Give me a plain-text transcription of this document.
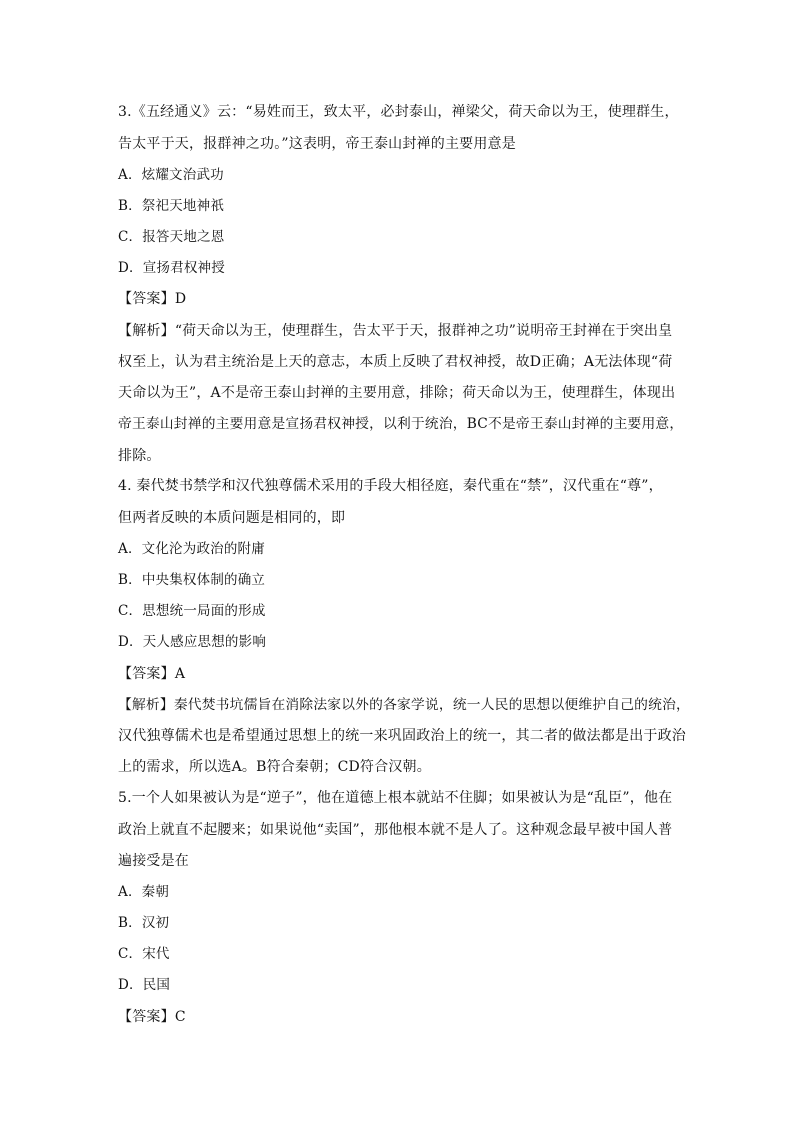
3.《五经通义》云：“易姓而王，致太平，必封泰山，禅梁父，荷天命以为王，使理群生，
告太平于天，报群神之功。”这表明，帝王泰山封禅的主要用意是
A．炫耀文治武功
B．祭祀天地神祇
C．报答天地之恩
D．宣扬君权神授
【答案】D
【解析】“荷天命以为王，使理群生，告太平于天，报群神之功”说明帝王封禅在于突出皇
权至上，认为君主统治是上天的意志，本质上反映了君权神授，故D正确；A无法体现“荷
天命以为王”，A不是帝王泰山封禅的主要用意，排除；荷天命以为王，使理群生，体现出
帝王泰山封禅的主要用意是宣扬君权神授，以利于统治，BC不是帝王泰山封禅的主要用意，
排除。
4. 秦代焚书禁学和汉代独尊儒术采用的手段大相径庭，秦代重在“禁”，汉代重在“尊”，
但两者反映的本质问题是相同的，即
A．文化沦为政治的附庸
B．中央集权体制的确立
C．思想统一局面的形成
D．天人感应思想的影响
【答案】A
【解析】秦代焚书坑儒旨在消除法家以外的各家学说，统一人民的思想以便维护自己的统治，
汉代独尊儒术也是希望通过思想上的统一来巩固政治上的统一，其二者的做法都是出于政治
上的需求，所以选A。B符合秦朝；CD符合汉朝。
5.一个人如果被认为是“逆子”，他在道德上根本就站不住脚；如果被认为是“乱臣”，他在
政治上就直不起腰来；如果说他“卖国”，那他根本就不是人了。这种观念最早被中国人普
遍接受是在
A．秦朝
B．汉初
C．宋代
D．民国
【答案】C
